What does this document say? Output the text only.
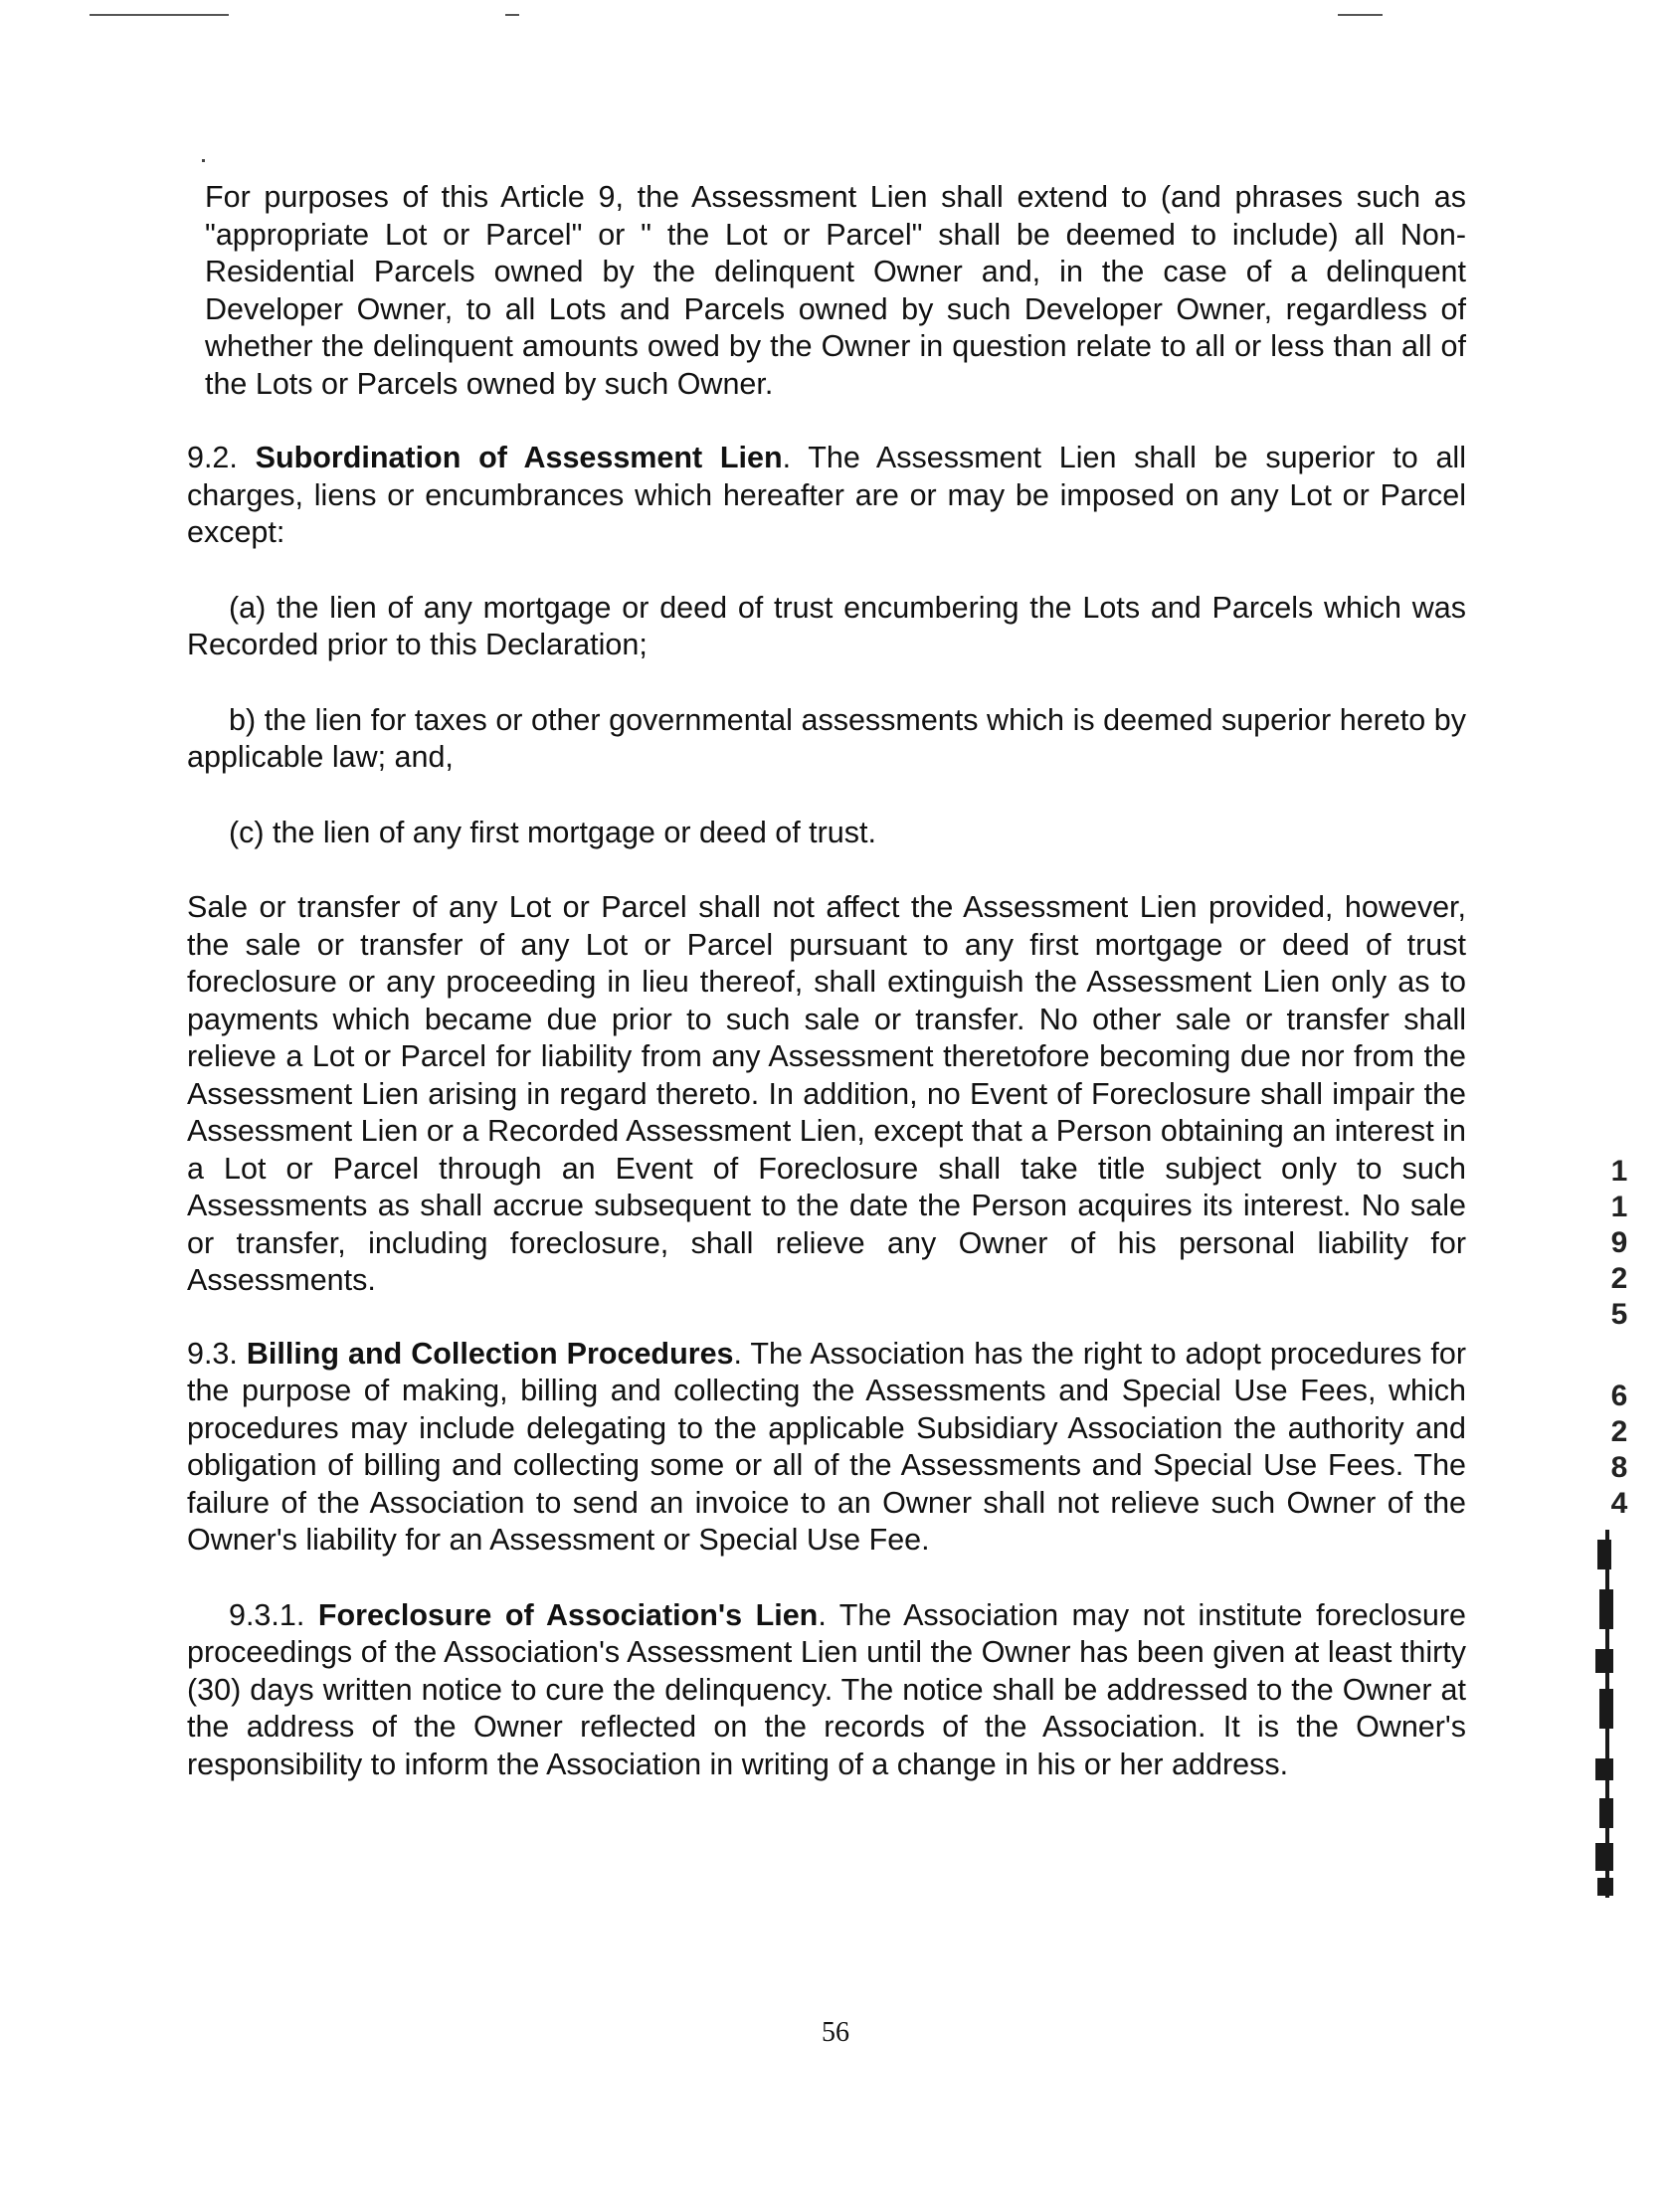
For purposes of this Article 9, the Assessment Lien shall extend to (and phrases such as "appropriate Lot or Parcel" or " the Lot or Parcel" shall be deemed to include) all Non-Residential Parcels owned by the delinquent Owner and, in the case of a delinquent Developer Owner, to all Lots and Parcels owned by such Developer Owner, regardless of whether the delinquent amounts owed by the Owner in question relate to all or less than all of the Lots or Parcels owned by such Owner.

9.2. Subordination of Assessment Lien. The Assessment Lien shall be superior to all charges, liens or encumbrances which hereafter are or may be imposed on any Lot or Parcel except:

(a) the lien of any mortgage or deed of trust encumbering the Lots and Parcels which was Recorded prior to this Declaration;

b) the lien for taxes or other governmental assessments which is deemed superior hereto by applicable law; and,

(c) the lien of any first mortgage or deed of trust.

Sale or transfer of any Lot or Parcel shall not affect the Assessment Lien provided, however, the sale or transfer of any Lot or Parcel pursuant to any first mortgage or deed of trust foreclosure or any proceeding in lieu thereof, shall extinguish the Assessment Lien only as to payments which became due prior to such sale or transfer. No other sale or transfer shall relieve a Lot or Parcel for liability from any Assessment theretofore becoming due nor from the Assessment Lien arising in regard thereto. In addition, no Event of Foreclosure shall impair the Assessment Lien or a Recorded Assessment Lien, except that a Person obtaining an interest in a Lot or Parcel through an Event of Foreclosure shall take title subject only to such Assessments as shall accrue subsequent to the date the Person acquires its interest. No sale or transfer, including foreclosure, shall relieve any Owner of his personal liability for Assessments.

9.3. Billing and Collection Procedures. The Association has the right to adopt procedures for the purpose of making, billing and collecting the Assessments and Special Use Fees, which procedures may include delegating to the applicable Subsidiary Association the authority and obligation of billing and collecting some or all of the Assessments and Special Use Fees. The failure of the Association to send an invoice to an Owner shall not relieve such Owner of the Owner's liability for an Assessment or Special Use Fee.

9.3.1. Foreclosure of Association's Lien. The Association may not institute foreclosure proceedings of the Association's Assessment Lien until the Owner has been given at least thirty (30) days written notice to cure the delinquency. The notice shall be addressed to the Owner at the address of the Owner reflected on the records of the Association. It is the Owner's responsibility to inform the Association in writing of a change in his or her address.

1
1
9
2
5
6
2
8
4
56
